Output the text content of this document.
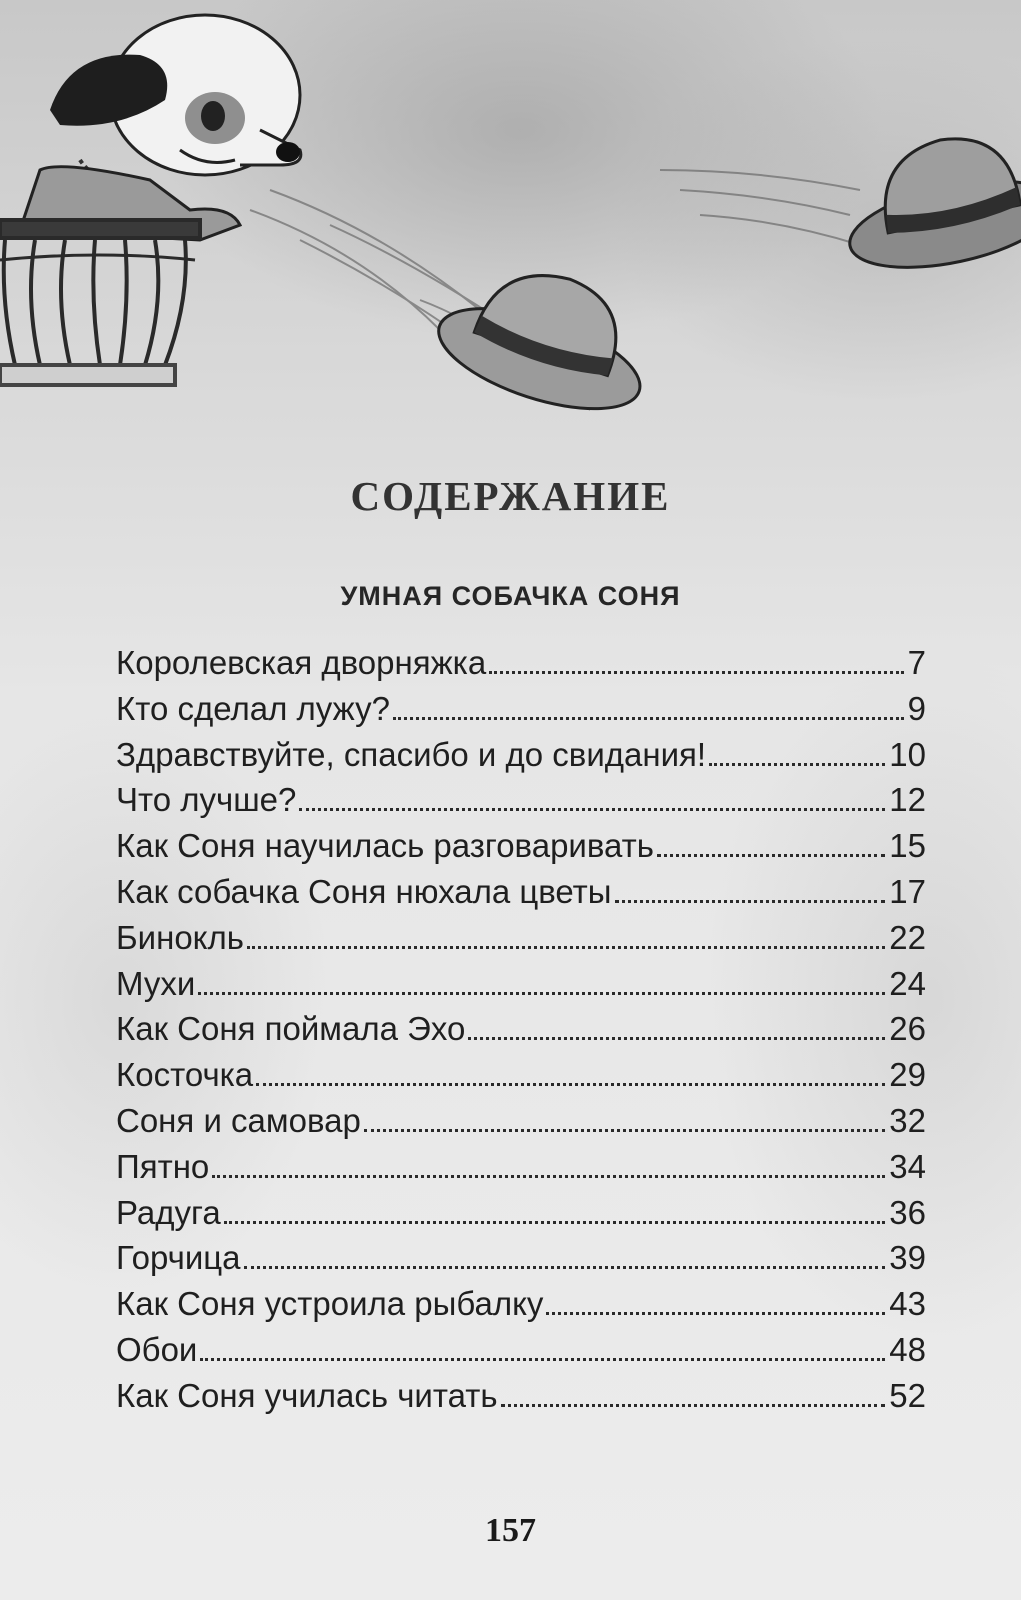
СОДЕРЖАНИЕ
УМНАЯ СОБАЧКА СОНЯ
Королевская дворняжка	7
Кто сделал лужу?	9
Здравствуйте, спасибо и до свидания!	10
Что лучше?	12
Как Соня научилась разговаривать	15
Как собачка Соня нюхала цветы	17
Бинокль	22
Мухи	24
Как Соня поймала Эхо	26
Косточка	29
Соня и самовар	32
Пятно	34
Радуга	36
Горчица	39
Как Соня устроила рыбалку	43
Обои	48
Как Соня училась читать	52
157
